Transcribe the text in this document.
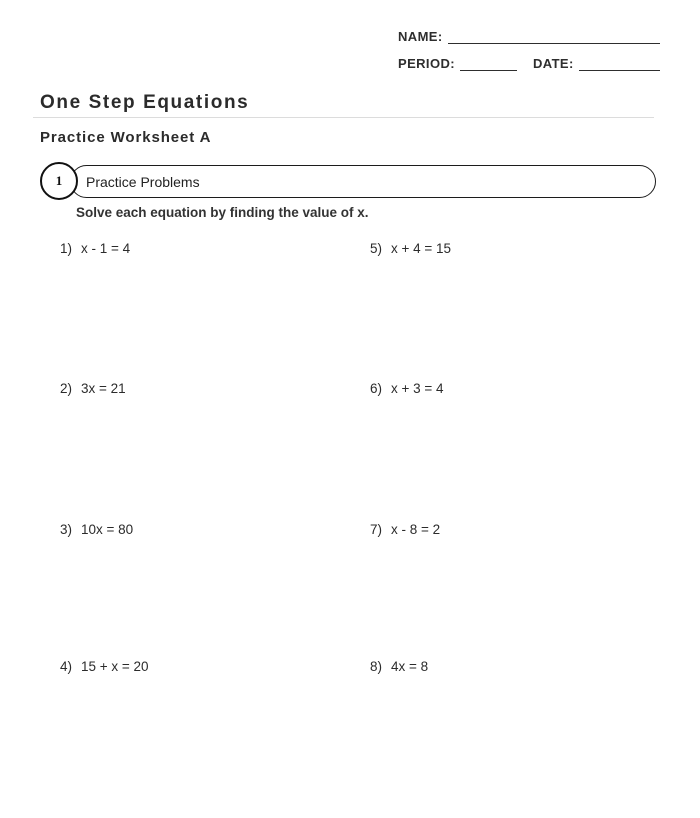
NAME:
PERIOD:	DATE:
One Step Equations
Practice Worksheet A
1	Practice Problems
Solve each equation by finding the value of x.
1) x - 1 = 4
2) 3x = 21
3) 10x = 80
4) 15 + x = 20
5) x + 4 = 15
6) x + 3 = 4
7) x - 8 = 2
8) 4x = 8
